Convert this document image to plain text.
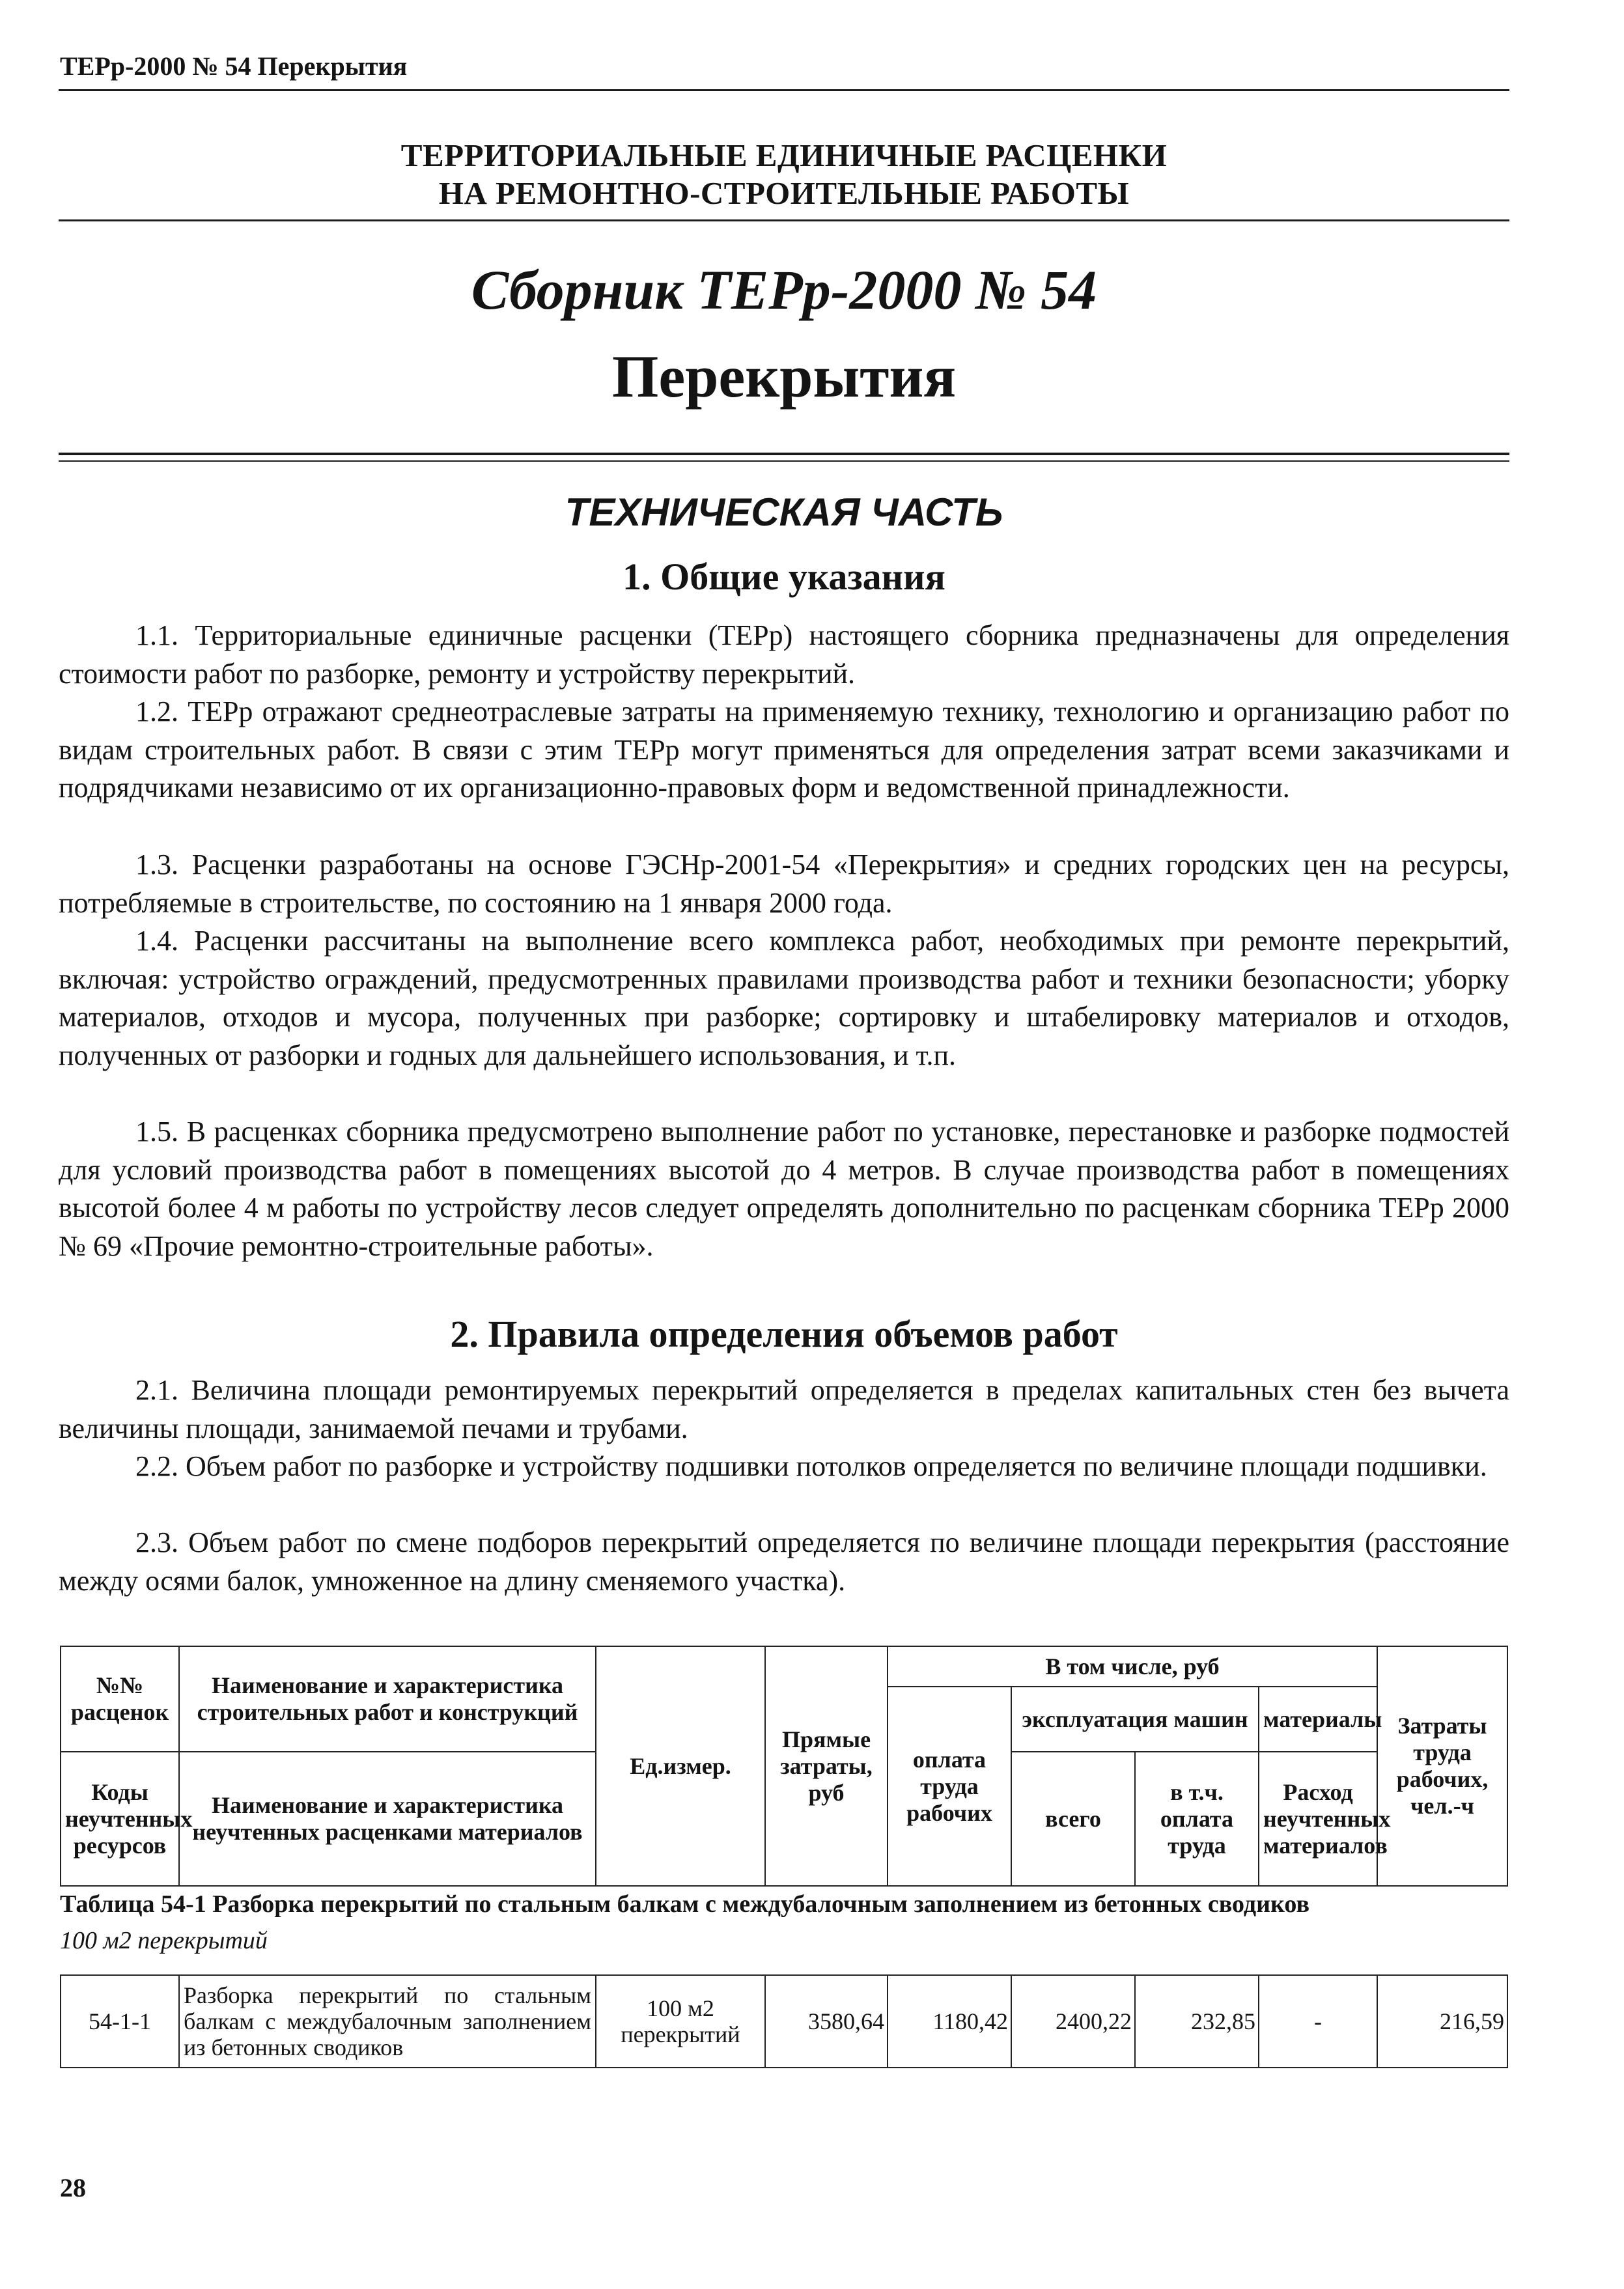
ТЕРр-2000 № 54 Перекрытия
ТЕРРИТОРИАЛЬНЫЕ ЕДИНИЧНЫЕ РАСЦЕНКИ
НА РЕМОНТНО-СТРОИТЕЛЬНЫЕ РАБОТЫ
Сборник ТЕРр-2000 № 54
Перекрытия
ТЕХНИЧЕСКАЯ ЧАСТЬ
1. Общие указания

1.1. Территориальные единичные расценки (ТЕРр) настоящего сборника предназначены для определения стоимости работ по разборке, ремонту и устройству перекрытий.

1.2. ТЕРр отражают среднеотраслевые затраты на применяемую технику, технологию и организацию работ по видам строительных работ. В связи с этим ТЕРр могут применяться для определения затрат всеми заказчиками и подрядчиками независимо от их организационно-правовых форм и ведомственной принадлежности.

1.3. Расценки разработаны на основе ГЭСНр-2001-54 «Перекрытия» и средних городских цен на ресурсы, потребляемые в строительстве, по состоянию на 1 января 2000 года.

1.4. Расценки рассчитаны на выполнение всего комплекса работ, необходимых при ремонте перекрытий, включая: устройство ограждений, предусмотренных правилами производства работ и техники безопасности; уборку материалов, отходов и мусора, полученных при разборке; сортировку и штабелировку материалов и отходов, полученных от разборки и годных для дальнейшего использования, и т.п.

1.5. В расценках сборника предусмотрено выполнение работ по установке, перестановке и разборке подмостей для условий производства работ в помещениях высотой до 4 метров. В случае производства работ в помещениях высотой более 4 м работы по устройству лесов следует определять дополнительно по расценкам сборника ТЕРр 2000 № 69 «Прочие ремонтно-строительные работы».

2. Правила определения объемов работ

2.1. Величина площади ремонтируемых перекрытий определяется в пределах капитальных стен без вычета величины площади, занимаемой печами и трубами.

2.2. Объем работ по разборке и устройству подшивки потолков определяется по величине площади подшивки.

2.3. Объем работ по смене подборов перекрытий определяется по величине площади перекрытия (расстояние между осями балок, умноженное на длину сменяемого участка).

№№ расценок	Наименование и характеристика строительных работ и конструкций	Ед.измер.	Прямые затраты, руб	В том числе, руб				Затраты труда рабочих, чел.-ч
				оплата труда рабочих	эксплуатация машин		материалы	
Коды неучтенных ресурсов	Наименование и характеристика неучтенных расценками материалов				всего	в т.ч. оплата труда	Расход неучтенных материалов	

Таблица 54-1 Разборка перекрытий по стальным балкам с междубалочным заполнением из бетонных сводиков
100 м2 перекрытий
54-1-1	Разборка перекрытий по стальным балкам с междубалочным заполнением из бетонных сводиков	100 м2 перекрытий	3580,64	1180,42	2400,22	232,85	-	216,59
28
